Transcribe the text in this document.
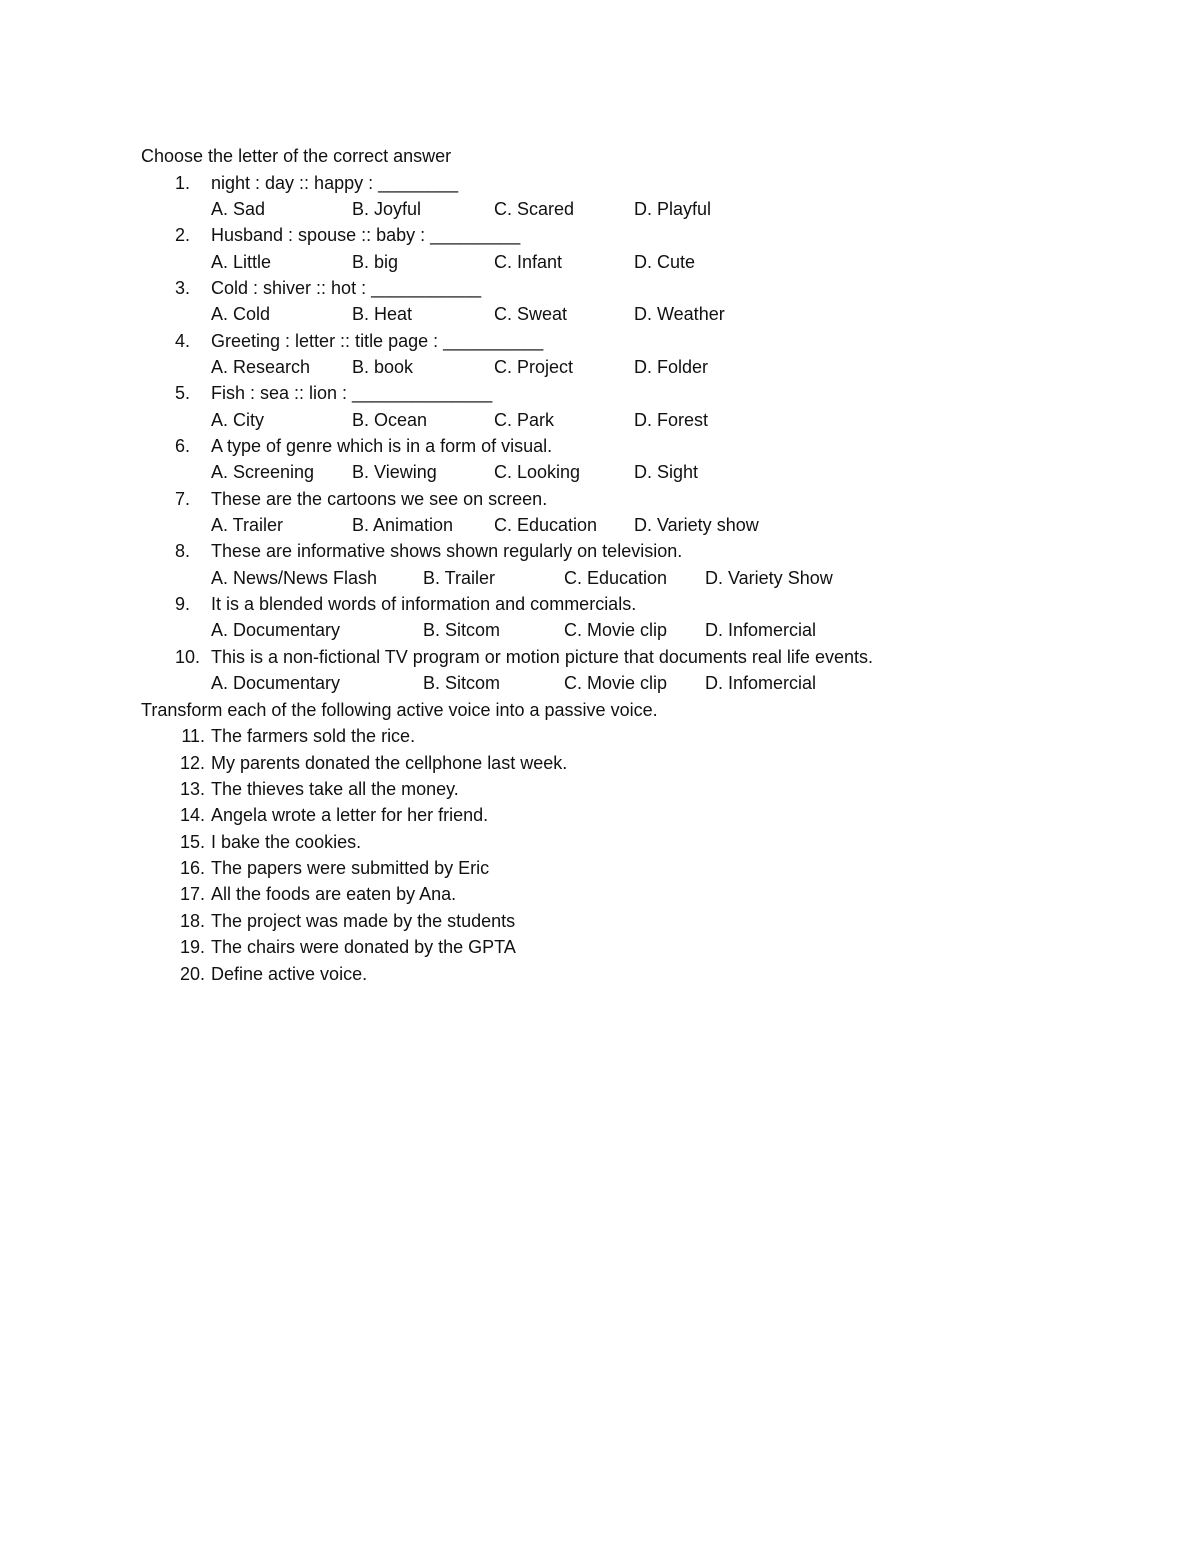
Choose the letter of the correct answer
1. night : day :: happy : ________
A. Sad	B. Joyful	C. Scared	D. Playful
2. Husband : spouse :: baby : _________
A. Little	B. big	C. Infant	D. Cute
3. Cold : shiver :: hot : ___________
A. Cold	B. Heat	C. Sweat	D. Weather
4. Greeting : letter :: title page : __________
A. Research B. book	C. Project	D. Folder
5. Fish : sea :: lion : ______________
A. City	B. Ocean	C. Park	D. Forest
6. A type of genre which is in a form of visual.
A. Screening B. Viewing	C. Looking	D. Sight
7. These are the cartoons we see on screen.
A. Trailer	B. Animation C. Education D. Variety show
8. These are informative shows shown regularly on television.
A. News/News Flash	B. Trailer	C. Education D. Variety Show
9. It is a blended words of information and commercials.
A. Documentary	B. Sitcom	C. Movie clip D. Infomercial
10. This is a non-fictional TV program or motion picture that documents real life events.
A. Documentary	B. Sitcom	C. Movie clip D. Infomercial
Transform each of the following active voice into a passive voice.
11. The farmers sold the rice.
12. My parents donated the cellphone last week.
13. The thieves take all the money.
14. Angela wrote a letter for her friend.
15. I bake the cookies.
16. The papers were submitted by Eric
17. All the foods are eaten by Ana.
18. The project was made by the students
19. The chairs were donated by the GPTA
20. Define active voice.
